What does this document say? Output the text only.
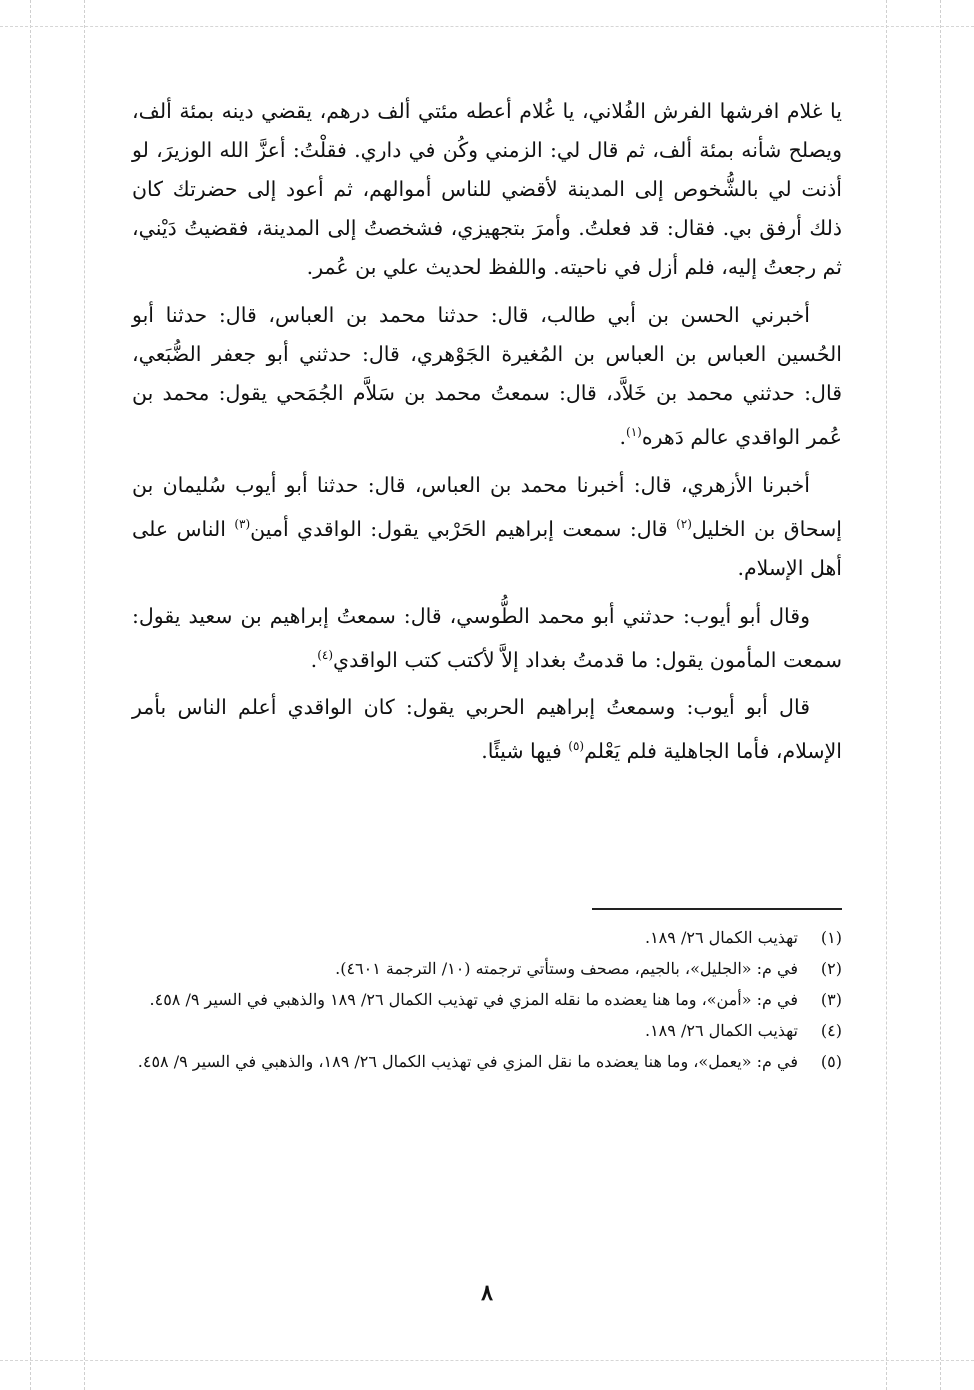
يا غلام افرشها الفرش الفُلاني، يا غُلام أعطه مئتي ألف درهم، يقضي دينه بمئة ألف، ويصلح شأنه بمئة ألف، ثم قال لي: الزمني وكُن في داري. فقلْتُ: أعزَّ الله الوزيرَ، لو أذنت لي بالشُّخوص إلى المدينة لأقضي للناس أموالهم، ثم أعود إلى حضرتك كان ذلك أرفق بي. فقال: قد فعلتُ. وأمرَ بتجهيزي، فشخصتُ إلى المدينة، فقضيتُ دَيْني، ثم رجعتُ إليه، فلم أزل في ناحيته. واللفظ لحديث علي بن عُمر.

أخبرني الحسن بن أبي طالب، قال: حدثنا محمد بن العباس، قال: حدثنا أبو الحُسين العباس بن العباس بن المُغيرة الجَوْهري، قال: حدثني أبو جعفر الضُّبَعي، قال: حدثني محمد بن خَلاَّد، قال: سمعتُ محمد بن سَلاَّم الجُمَحي يقول: محمد بن عُمر الواقدي عالم دَهره$^{(١)}$.

أخبرنا الأزهري، قال: أخبرنا محمد بن العباس، قال: حدثنا أبو أيوب سُليمان بن إسحاق بن الخليل$^{(٢)}$ قال: سمعت إبراهيم الحَرْبي يقول: الواقدي أمين$^{(٣)}$ الناس على أهل الإسلام.

وقال أبو أيوب: حدثني أبو محمد الطُّوسي، قال: سمعتُ إبراهيم بن سعيد يقول: سمعت المأمون يقول: ما قدمتُ بغداد إلاَّ لأكتب كتب الواقدي$^{(٤)}$.

قال أبو أيوب: وسمعتُ إبراهيم الحربي يقول: كان الواقدي أعلم الناس بأمر الإسلام، فأما الجاهلية فلم يَعْلم$^{(٥)}$ فيها شيئًا.

(١)
تهذيب الكمال ٢٦/ ١٨٩.
(٢)
في م: «الجليل»، بالجيم، مصحف وستأتي ترجمته (١٠/ الترجمة ٤٦٠١).
(٣)
في م: «أمن»، وما هنا يعضده ما نقله المزي في تهذيب الكمال ٢٦/ ١٨٩ والذهبي في السير ٩/ ٤٥٨.
(٤)
تهذيب الكمال ٢٦/ ١٨٩.
(٥)
في م: «يعمل»، وما هنا يعضده ما نقل المزي في تهذيب الكمال ٢٦/ ١٨٩، والذهبي في السير ٩/ ٤٥٨.
٨
